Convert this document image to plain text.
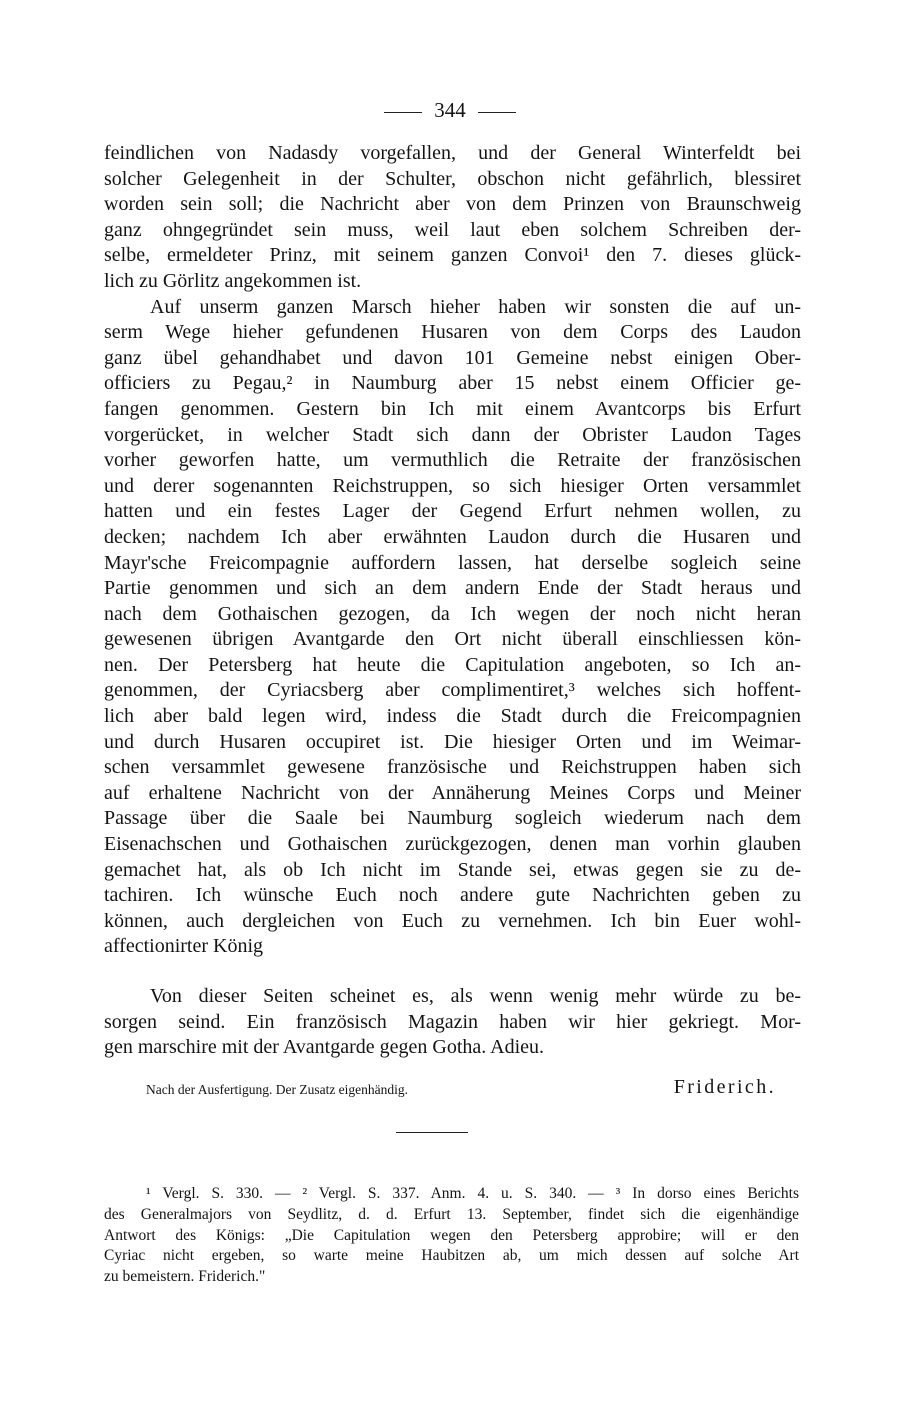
344
feindlichen von Nadasdy vorgefallen, und der General Winterfeldt bei
solcher Gelegenheit in der Schulter, obschon nicht gefährlich, blessiret
worden sein soll; die Nachricht aber von dem Prinzen von Braunschweig
ganz ohngegründet sein muss, weil laut eben solchem Schreiben der-
selbe, ermeldeter Prinz, mit seinem ganzen Convoi¹ den 7. dieses glück-
lich zu Görlitz angekommen ist.
Auf unserm ganzen Marsch hieher haben wir sonsten die auf un-
serm Wege hieher gefundenen Husaren von dem Corps des Laudon
ganz übel gehandhabet und davon 101 Gemeine nebst einigen Ober-
officiers zu Pegau,² in Naumburg aber 15 nebst einem Officier ge-
fangen genommen. Gestern bin Ich mit einem Avantcorps bis Erfurt
vorgerücket, in welcher Stadt sich dann der Obrister Laudon Tages
vorher geworfen hatte, um vermuthlich die Retraite der französischen
und derer sogenannten Reichstruppen, so sich hiesiger Orten versammlet
hatten und ein festes Lager der Gegend Erfurt nehmen wollen, zu
decken; nachdem Ich aber erwähnten Laudon durch die Husaren und
Mayr'sche Freicompagnie auffordern lassen, hat derselbe sogleich seine
Partie genommen und sich an dem andern Ende der Stadt heraus und
nach dem Gothaischen gezogen, da Ich wegen der noch nicht heran
gewesenen übrigen Avantgarde den Ort nicht überall einschliessen kön-
nen. Der Petersberg hat heute die Capitulation angeboten, so Ich an-
genommen, der Cyriacsberg aber complimentiret,³ welches sich hoffent-
lich aber bald legen wird, indess die Stadt durch die Freicompagnien
und durch Husaren occupiret ist. Die hiesiger Orten und im Weimar-
schen versammlet gewesene französische und Reichstruppen haben sich
auf erhaltene Nachricht von der Annäherung Meines Corps und Meiner
Passage über die Saale bei Naumburg sogleich wiederum nach dem
Eisenachschen und Gothaischen zurückgezogen, denen man vorhin glauben
gemachet hat, als ob Ich nicht im Stande sei, etwas gegen sie zu de-
tachiren. Ich wünsche Euch noch andere gute Nachrichten geben zu
können, auch dergleichen von Euch zu vernehmen. Ich bin Euer wohl-
affectionirter König
Von dieser Seiten scheinet es, als wenn wenig mehr würde zu be-
sorgen seind. Ein französisch Magazin haben wir hier gekriegt. Mor-
gen marschire mit der Avantgarde gegen Gotha. Adieu.
Nach der Ausfertigung. Der Zusatz eigenhändig.	Friderich.
¹ Vergl. S. 330. — ² Vergl. S. 337. Anm. 4. u. S. 340. — ³ In dorso eines Berichts
des Generalmajors von Seydlitz, d. d. Erfurt 13. September, findet sich die eigenhändige
Antwort des Königs: „Die Capitulation wegen den Petersberg approbire; will er den
Cyriac nicht ergeben, so warte meine Haubitzen ab, um mich dessen auf solche Art
zu bemeistern. Friderich."
